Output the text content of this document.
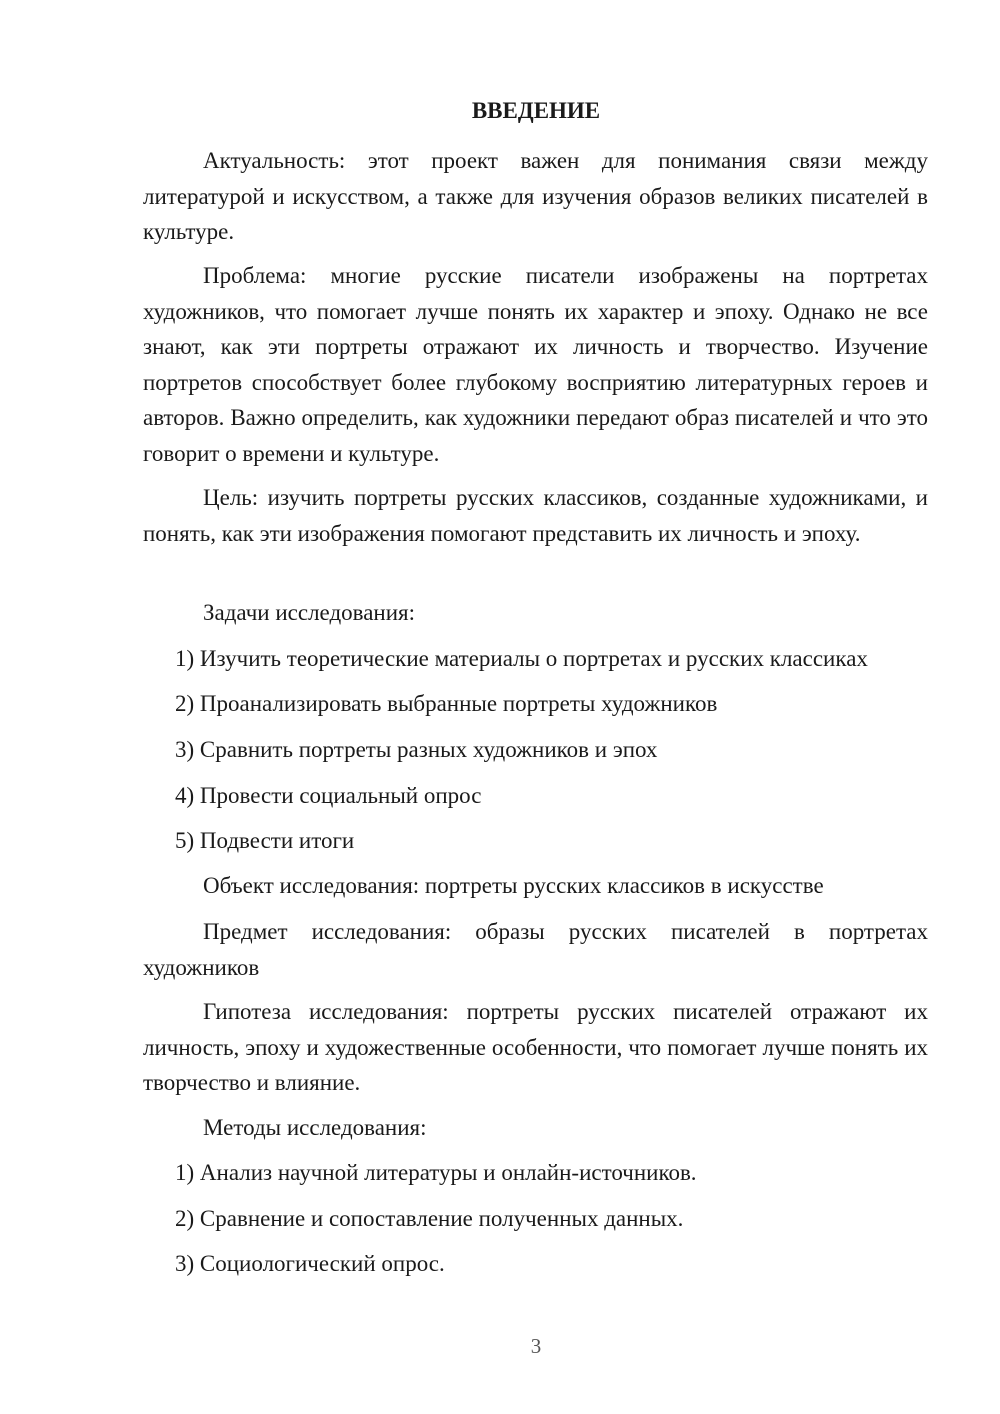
ВВЕДЕНИЕ
Актуальность: этот проект важен для понимания связи между литературой и искусством, а также для изучения образов великих писателей в культуре.
Проблема: многие русские писатели изображены на портретах художников, что помогает лучше понять их характер и эпоху. Однако не все знают, как эти портреты отражают их личность и творчество. Изучение портретов способствует более глубокому восприятию литературных героев и авторов. Важно определить, как художники передают образ писателей и что это говорит о времени и культуре.
Цель: изучить портреты русских классиков, созданные художниками, и понять, как эти изображения помогают представить их личность и эпоху.
Задачи исследования:
1) Изучить теоретические материалы о портретах и русских классиках
2) Проанализировать выбранные портреты художников
3) Сравнить портреты разных художников и эпох
4) Провести социальный опрос
5) Подвести итоги
Объект исследования: портреты русских классиков в искусстве
Предмет исследования: образы русских писателей в портретах художников
Гипотеза исследования: портреты русских писателей отражают их личность, эпоху и художественные особенности, что помогает лучше понять их творчество и влияние.
Методы исследования:
1) Анализ научной литературы и онлайн-источников.
2) Сравнение и сопоставление полученных данных.
3) Социологический опрос.
3
